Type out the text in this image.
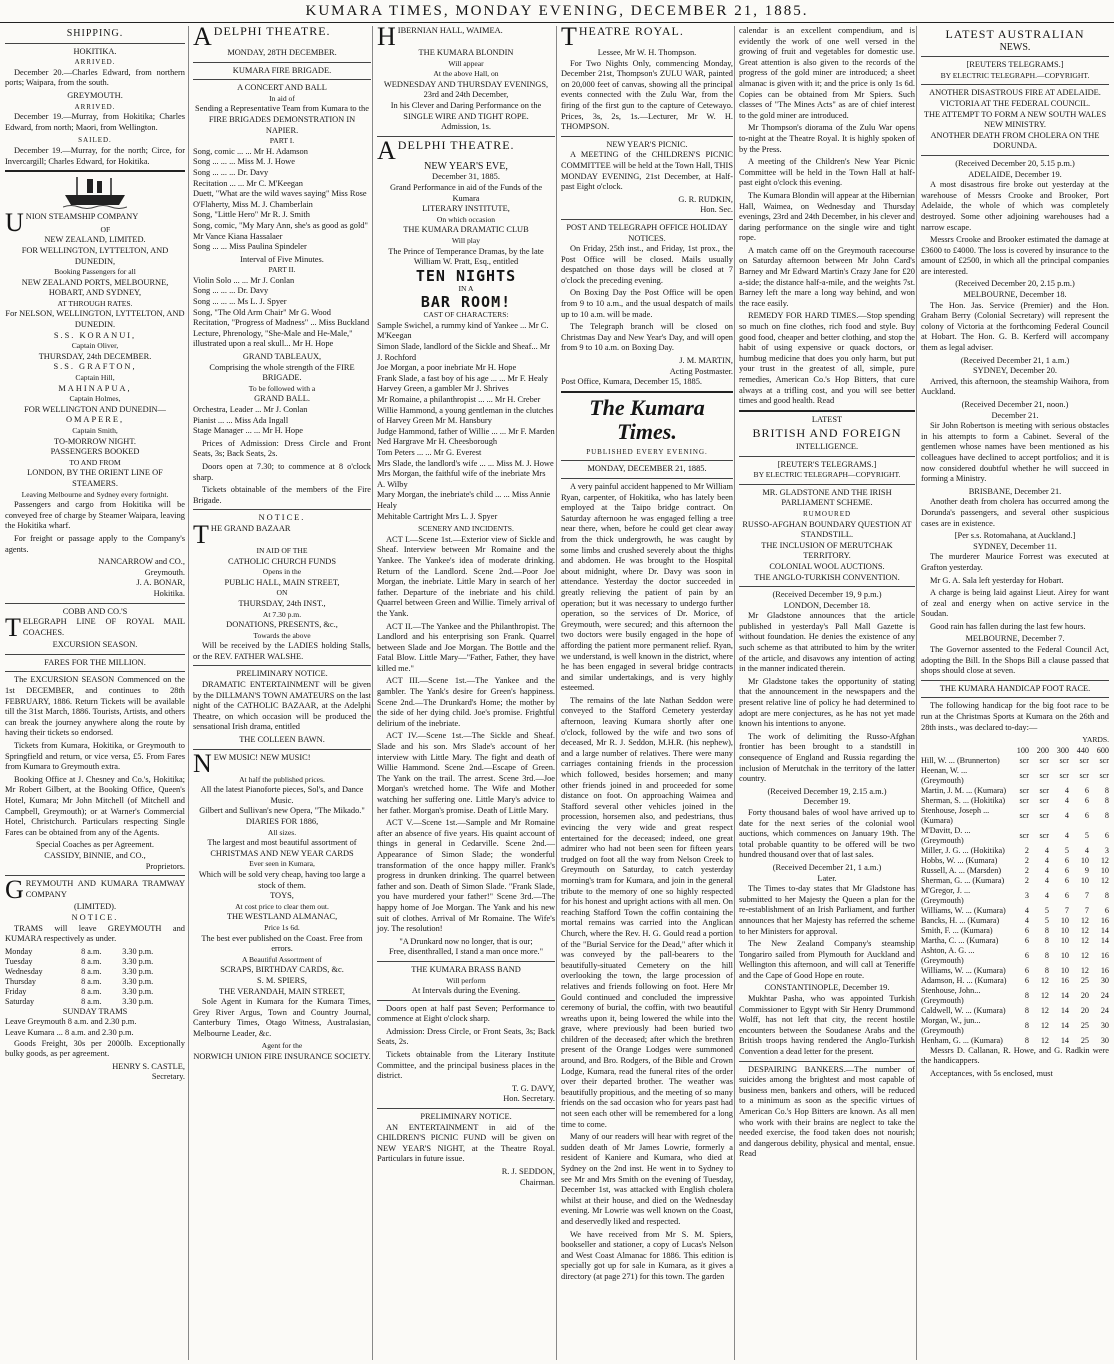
KUMARA TIMES, MONDAY EVENING, DECEMBER 21, 1885.
SHIPPING.
HOKITIKA.
ARRIVED.

December 20.—Charles Edward, from northern ports; Waipara, from the south.

GREYMOUTH.
ARRIVED.

December 19.—Murray, from Hokitika; Charles Edward, from north; Maori, from Wellington.

SAILED.

December 19.—Murray, for the north; Circe, for Invercargill; Charles Edward, for Hokitika.

UNION STEAMSHIP COMPANY

OF
NEW ZEALAND, LIMITED.
FOR WELLINGTON, LYTTELTON, AND DUNEDIN,
Booking Passengers for all
NEW ZEALAND PORTS, MELBOURNE, HOBART, AND SYDNEY,
AT THROUGH RATES.
For NELSON, WELLINGTON, LYTTELTON, AND DUNEDIN.
S.S. KORANUI,
Captain Oliver,
THURSDAY, 24th DECEMBER.
S.S. GRAFTON,
Captain Hill,
MAHINAPUA,
Captain Holmes,
FOR WELLINGTON AND DUNEDIN—
OMAPERE,
Captain Smith,
TO-MORROW NIGHT.
PASSENGERS BOOKED
TO AND FROM
LONDON, BY THE ORIENT LINE OF STEAMERS.
Leaving Melbourne and Sydney every fortnight.

Passengers and cargo from Hokitika will be conveyed free of charge by Steamer Waipara, leaving the Hokitika wharf.

For freight or passage apply to the Company's agents.

NANCARROW and CO.,
Greymouth.
J. A. BONAR,
Hokitika.
COBB AND CO.'S

TELEGRAPH LINE OF ROYAL MAIL COACHES.

EXCURSION SEASON.
FARES FOR THE MILLION.

The EXCURSION SEASON Commenced on the 1st DECEMBER, and continues to 28th FEBRUARY, 1886. Return Tickets will be available till the 31st March, 1886. Tourists, Artists, and others can break the journey anywhere along the route by having their tickets so endorsed.

Tickets from Kumara, Hokitika, or Greymouth to Springfield and return, or vice versa, £5. From Fares from Kumara to Greymouth extra.

Booking Office at J. Chesney and Co.'s, Hokitika; Mr Robert Gilbert, at the Booking Office, Queen's Hotel, Kumara; Mr John Mitchell (of Mitchell and Campbell, Greymouth); or at Warner's Commercial Hotel, Christchurch. Particulars respecting Single Fares can be obtained from any of the Agents.

Special Coaches as per Agreement.
CASSIDY, BINNIE, and CO.,
Proprietors.

GREYMOUTH AND KUMARA TRAMWAY COMPANY

(LIMITED).
NOTICE.

TRAMS will leave GREYMOUTH and KUMARA respectively as under.

Monday	8 a.m.	3.30 p.m.
Tuesday	8 a.m.	3.30 p.m.
Wednesday	8 a.m.	3.30 p.m.
Thursday	8 a.m.	3.30 p.m.
Friday	8 a.m.	3.30 p.m.
Saturday	8 a.m.	3.30 p.m.
SUNDAY TRAMS
Leave Greymouth 8 a.m. and 2.30 p.m.
Leave Kumara ... 8 a.m. and 2.30 p.m.

Goods Freight, 30s per 2000lb. Exceptionally bulky goods, as per agreement.

HENRY S. CASTLE,
Secretary.

ADELPHI THEATRE.

MONDAY, 28TH DECEMBER.
KUMARA FIRE BRIGADE.
A CONCERT AND BALL
In aid of
Sending a Representative Team from Kumara to the
FIRE BRIGADES DEMONSTRATION IN NAPIER.
PART I.

Song, comic ... ... Mr H. Adamson
Song ... ... ... Miss M. J. Howe
Song ... ... ... Dr. Davy
Recitation ... ... Mr C. M'Keegan
Duett, "What are the wild waves saying" Miss Rose O'Flaherty, Miss M. J. Chamberlain
Song, "Little Hero" Mr R. J. Smith
Song, comic, "My Mary Ann, she's as good as gold" Mr Vance Kiana Hassalaer
Song ... ... Miss Paulina Spindeler

Interval of Five Minutes.
PART II.

Violin Solo ... ... Mr J. Conlan
Song ... ... ... Dr. Davy
Song ... ... ... Ms L. J. Spyer
Song, "The Old Arm Chair" Mr G. Wood
Recitation, "Progress of Madness" ... Miss Buckland
Lecture, Phrenology, "She-Male and He-Male," illustrated upon a real skull... Mr H. Hope

GRAND TABLEAUX,
Comprising the whole strength of the FIRE BRIGADE.
To be followed with a
GRAND BALL.

Orchestra, Leader ... Mr J. Conlan
Pianist ... ... Miss Ada Ingall
Stage Manager ... ... Mr H. Hope

Prices of Admission: Dress Circle and Front Seats, 3s; Back Seats, 2s.

Doors open at 7.30; to commence at 8 o'clock sharp.

Tickets obtainable of the members of the Fire Brigade.

NOTICE.

THE GRAND BAZAAR

IN AID OF THE
CATHOLIC CHURCH FUNDS
Opens in the
PUBLIC HALL, MAIN STREET,
ON
THURSDAY, 24th INST.,
At 7.30 p.m.
DONATIONS, PRESENTS, &c.,
Towards the above

Will be received by the LADIES holding Stalls, or the REV. FATHER WALSHE.

PRELIMINARY NOTICE.

DRAMATIC ENTERTAINMENT will be given by the DILLMAN'S TOWN AMATEURS on the last night of the CATHOLIC BAZAAR, at the Adelphi Theatre, on which occasion will be produced the sensational Irish drama, entitled

THE COLLEEN BAWN.

NEW MUSIC! NEW MUSIC!

At half the published prices.
All the latest Pianoforte pieces, Sol's, and Dance Music.
Gilbert and Sullivan's new Opera, "The Mikado."
DIARIES FOR 1886,
All sizes.
The largest and most beautiful assortment of
CHRISTMAS AND NEW YEAR CARDS
Ever seen in Kumara,
Which will be sold very cheap, having too large a stock of them.
TOYS,
At cost price to clear them out.
THE WESTLAND ALMANAC,
Price 1s 6d.
The best ever published on the Coast. Free from errors.
A Beautiful Assortment of
SCRAPS, BIRTHDAY CARDS, &c.
S. M. SPIERS,
THE VERANDAH, MAIN STREET,

Sole Agent in Kumara for the Kumara Times, Grey River Argus, Town and Country Journal, Canterbury Times, Otago Witness, Australasian, Melbourne Leader, &c.

Agent for the
NORWICH UNION FIRE INSURANCE SOCIETY.

HIBERNIAN HALL, WAIMEA.

THE KUMARA BLONDIN
Will appear
At the above Hall, on
WEDNESDAY AND THURSDAY EVENINGS,
23rd and 24th December,
In his Clever and Daring Performance on the
SINGLE WIRE AND TIGHT ROPE.
Admission, 1s.

ADELPHI THEATRE.

NEW YEAR'S EVE,
December 31, 1885.
Grand Performance in aid of the Funds of the Kumara
LITERARY INSTITUTE,
On which occasion
THE KUMARA DRAMATIC CLUB
Will play
The Prince of Temperance Dramas, by the late William W. Pratt, Esq., entitled
TEN NIGHTS
IN A
BAR ROOM!
CAST OF CHARACTERS:

Sample Swichel, a rummy kind of Yankee ... Mr C. M'Keegan
Simon Slade, landlord of the Sickle and Sheaf... Mr J. Rochford
Joe Morgan, a poor inebriate Mr H. Hope
Frank Slade, a fast boy of his age ... ... Mr F. Healy
Harvey Green, a gambler Mr J. Shrives
Mr Romaine, a philanthropist ... ... Mr H. Creber
Willie Hammond, a young gentleman in the clutches of Harvey Green Mr M. Hansbury
Judge Hammond, father of Willie ... ... Mr F. Marden
Ned Hargrave Mr H. Cheesborough
Tom Peters ... ... Mr G. Everest
Mrs Slade, the landlord's wife ... ... Miss M. J. Howe
Mrs Morgan, the faithful wife of the inebriate Mrs A. Wilby
Mary Morgan, the inebriate's child ... ... Miss Annie Healy
Mehitable Cartright Mrs L. J. Spyer

SCENERY AND INCIDENTS.

ACT I.—Scene 1st.—Exterior view of Sickle and Sheaf. Interview between Mr Romaine and the Yankee. The Yankee's idea of moderate drinking. Return of the Landlord. Scene 2nd.—Poor Joe Morgan, the inebriate. Little Mary in search of her father. Departure of the inebriate and his child. Quarrel between Green and Willie. Timely arrival of the Yank.

ACT II.—The Yankee and the Philanthropist. The Landlord and his enterprising son Frank. Quarrel between Slade and Joe Morgan. The Bottle and the Fatal Blow. Little Mary—"Father, Father, they have killed me."

ACT III.—Scene 1st.—The Yankee and the gambler. The Yank's desire for Green's happiness. Scene 2nd.—The Drunkard's Home; the mother by the side of her dying child. Joe's promise. Frightful delirium of the inebriate.

ACT IV.—Scene 1st.—The Sickle and Sheaf. Slade and his son. Mrs Slade's account of her interview with Little Mary. The fight and death of Willie Hammond. Scene 2nd.—Escape of Green. The Yank on the trail. The arrest. Scene 3rd.—Joe Morgan's wretched home. The Wife and Mother watching her suffering one. Little Mary's advice to her father. Morgan's promise. Death of Little Mary.

ACT V.—Scene 1st.—Sample and Mr Romaine after an absence of five years. His quaint account of things in general in Cedarville. Scene 2nd.—Appearance of Simon Slade; the wonderful transformation of the once happy miller. Frank's progress in drunken drinking. The quarrel between father and son. Death of Simon Slade. "Frank Slade, you have murdered your father!" Scene 3rd.—The happy home of Joe Morgan. The Yank and his new suit of clothes. Arrival of Mr Romaine. The Wife's joy. The resolution!

"A Drunkard now no longer, that is our;
Free, disenthralled, I stand a man once more."
THE KUMARA BRASS BAND
Will perform
At Intervals during the Evening.

Doors open at half past Seven; Performance to commence at Eight o'clock sharp.

Admission: Dress Circle, or Front Seats, 3s; Back Seats, 2s.

Tickets obtainable from the Literary Institute Committee, and the principal business places in the district.

T. G. DAVY,
Hon. Secretary.
PRELIMINARY NOTICE.

AN ENTERTAINMENT in aid of the CHILDREN'S PICNIC FUND will be given on NEW YEAR'S NIGHT, at the Theatre Royal. Particulars in future issue.

R. J. SEDDON,
Chairman.

THEATRE ROYAL.

Lessee, Mr W. H. Thompson.

For Two Nights Only, commencing Monday, December 21st, Thompson's ZULU WAR, painted on 20,000 feet of canvas, showing all the principal events connected with the Zulu War, from the firing of the first gun to the capture of Cetewayo. Prices, 3s, 2s, 1s.—Lecturer, Mr W. H. THOMPSON.

NEW YEAR'S PICNIC.

A MEETING of the CHILDREN'S PICNIC COMMITTEE will be held at the Town Hall, THIS MONDAY EVENING, 21st December, at Half-past Eight o'clock.

G. R. RUDKIN,
Hon. Sec.
POST AND TELEGRAPH OFFICE HOLIDAY NOTICES.

On Friday, 25th inst., and Friday, 1st prox., the Post Office will be closed. Mails usually despatched on those days will be closed at 7 o'clock the preceding evening.

On Boxing Day the Post Office will be open from 9 to 10 a.m., and the usual despatch of mails up to 10 a.m. will be made.

The Telegraph branch will be closed on Christmas Day and New Year's Day, and will open from 9 to 10 a.m. on Boxing Day.

J. M. MARTIN,
Acting Postmaster.
Post Office, Kumara, December 15, 1885.
The Kumara Times.
PUBLISHED EVERY EVENING.
MONDAY, DECEMBER 21, 1885.

A very painful accident happened to Mr William Ryan, carpenter, of Hokitika, who has lately been employed at the Taipo bridge contract. On Saturday afternoon he was engaged felling a tree near there, when, before he could get clear away from the thick undergrowth, he was caught by some limbs and crushed severely about the thighs and abdomen. He was brought to the Hospital about midnight, where Dr. Davy was soon in attendance. Yesterday the doctor succeeded in greatly relieving the patient of pain by an operation; but it was necessary to undergo further operation, so the services of Dr. Morice, of Greymouth, were secured; and this afternoon the two doctors were busily engaged in the hope of affording the patient more permanent relief. Ryan, we understand, is well known in the district, where he has been engaged in several bridge contracts and similar undertakings, and is very highly esteemed.

The remains of the late Nathan Seddon were conveyed to the Stafford Cemetery yesterday afternoon, leaving Kumara shortly after one o'clock, followed by the wife and two sons of deceased, Mr R. J. Seddon, M.H.R. (his nephew), and a large number of relatives. There were many carriages containing friends in the procession which followed, besides horsemen; and many other friends joined in and proceeded for some distance on foot. On approaching Waimea and Stafford several other vehicles joined in the procession, horsemen also, and pedestrians, thus evincing the very wide and great respect entertained for the deceased; indeed, one great admirer who had not been seen for fifteen years trudged on foot all the way from Nelson Creek to Greymouth on Saturday, to catch yesterday morning's tram for Kumara, and join in the general tribute to the memory of one so highly respected for his honest and upright actions with all men. On reaching Stafford Town the coffin containing the mortal remains was carried into the Anglican Church, where the Rev. H. G. Gould read a portion of the "Burial Service for the Dead," after which it was conveyed by the pall-bearers to the beautifully-situated Cemetery on the hill overlooking the town, the large procession of relatives and friends following on foot. Here Mr Gould continued and concluded the impressive ceremony of burial, the coffin, with two beautiful wreaths upon it, being lowered the while into the grave, where previously had been buried two children of the deceased; after which the brethren present of the Orange Lodges were summoned around, and Bro. Rodgers, of the Bible and Crown Lodge, Kumara, read the funeral rites of the order over their departed brother. The weather was beautifully propitious, and the meeting of so many friends on the sad occasion who for years past had not seen each other will be remembered for a long time to come.

Many of our readers will hear with regret of the sudden death of Mr James Lowrie, formerly a resident of Kaniere and Kumara, who died at Sydney on the 2nd inst. He went in to Sydney to see Mr and Mrs Smith on the evening of Tuesday, December 1st, was attacked with English cholera whilst at their house, and died on the Wednesday evening. Mr Lowrie was well known on the Coast, and deservedly liked and respected.

We have received from Mr S. M. Spiers, bookseller and stationer, a copy of Lucas's Nelson and West Coast Almanac for 1886. This edition is specially got up for sale in Kumara, as it gives a directory (at page 271) for this town. The garden

calendar is an excellent compendium, and is evidently the work of one well versed in the growing of fruit and vegetables for domestic use. Great attention is also given to the records of the progress of the gold miner are introduced; a sheet almanac is given with it; and the price is only 1s 6d. Copies can be obtained from Mr Spiers. Such classes of "The Mines Acts" as are of chief interest to the gold miner are introduced.

Mr Thompson's diorama of the Zulu War opens to-night at the Theatre Royal. It is highly spoken of by the Press.

A meeting of the Children's New Year Picnic Committee will be held in the Town Hall at half-past eight o'clock this evening.

The Kumara Blondin will appear at the Hibernian Hall, Waimea, on Wednesday and Thursday evenings, 23rd and 24th December, in his clever and daring performance on the single wire and tight rope.

A match came off on the Greymouth racecourse on Saturday afternoon between Mr John Card's Barney and Mr Edward Martin's Crazy Jane for £20 a-side; the distance half-a-mile, and the weights 7st. Barney left the mare a long way behind, and won the race easily.

REMEDY FOR HARD TIMES.—Stop spending so much on fine clothes, rich food and style. Buy good food, cheaper and better clothing, and stop the habit of using expensive or quack doctors, or humbug medicine that does you only harm, but put your trust in the greatest of all, simple, pure remedies, American Co.'s Hop Bitters, that cure always at a trifling cost, and you will see better times and good health. Read

LATEST
BRITISH AND FOREIGN
INTELLIGENCE.
[REUTER'S TELEGRAMS.]
BY ELECTRIC TELEGRAPH—COPYRIGHT.
MR. GLADSTONE AND THE IRISH PARLIAMENT SCHEME.
RUMOURED
RUSSO-AFGHAN BOUNDARY QUESTION AT STANDSTILL.
THE INCLUSION OF MERUTCHAK TERRITORY.
COLONIAL WOOL AUCTIONS.
THE ANGLO-TURKISH CONVENTION.
(Received December 19, 9 p.m.)
LONDON, December 18.

Mr Gladstone announces that the article published in yesterday's Pall Mall Gazette is without foundation. He denies the existence of any such scheme as that attributed to him by the writer of the article, and disavows any intention of acting in the manner indicated therein.

Mr Gladstone takes the opportunity of stating that the announcement in the newspapers and the present relative line of policy he had determined to adopt are mere conjectures, as he has not yet made known his intentions to anyone.

The work of delimiting the Russo-Afghan frontier has been brought to a standstill in consequence of England and Russia regarding the inclusion of Merutchak in the territory of the latter country.

(Received December 19, 2.15 a.m.)
December 19.

Forty thousand bales of wool have arrived up to date for the next series of the colonial wool auctions, which commences on January 19th. The total probable quantity to be offered will be two hundred thousand over that of last sales.

(Received December 21, 1 a.m.)
Later.

The Times to-day states that Mr Gladstone has submitted to her Majesty the Queen a plan for the re-establishment of an Irish Parliament, and further announces that her Majesty has referred the scheme to her Ministers for approval.

The New Zealand Company's steamship Tongariro sailed from Plymouth for Auckland and Wellington this afternoon, and will call at Teneriffe and the Cape of Good Hope en route.

CONSTANTINOPLE, December 19.

Mukhtar Pasha, who was appointed Turkish Commissioner to Egypt with Sir Henry Drummond Wolff, has not left that city, the recent hostile encounters between the Soudanese Arabs and the British troops having rendered the Anglo-Turkish Convention a dead letter for the present.

DESPAIRING BANKERS.—The number of suicides among the brightest and most capable of business men, bankers and others, will be reduced to a minimum as soon as the specific virtues of American Co.'s Hop Bitters are known. As all men who work with their brains are neglect to take the needed exercise, the food taken does not nourish; and dangerous debility, physical and mental, ensue. Read

LATEST AUSTRALIAN
NEWS.
[REUTERS TELEGRAMS.]
BY ELECTRIC TELEGRAPH.—COPYRIGHT.
ANOTHER DISASTROUS FIRE AT ADELAIDE.
VICTORIA AT THE FEDERAL COUNCIL.
THE ATTEMPT TO FORM A NEW SOUTH WALES NEW MINISTRY.
ANOTHER DEATH FROM CHOLERA ON THE DORUNDA.
(Received December 20, 5.15 p.m.)
ADELAIDE, December 19.

A most disastrous fire broke out yesterday at the warehouse of Messrs Crooke and Brooker, Port Adelaide, the whole of which was completely destroyed. Some other adjoining warehouses had a narrow escape.

Messrs Crooke and Brooker estimated the damage at £3600 to £4000. The loss is covered by insurance to the amount of £2500, in which all the principal companies are interested.

(Received December 20, 2.15 p.m.)
MELBOURNE, December 18.

The Hon. Jas. Service (Premier) and the Hon. Graham Berry (Colonial Secretary) will represent the colony of Victoria at the forthcoming Federal Council at Hobart. The Hon. G. B. Kerferd will accompany them as legal adviser.

(Received December 21, 1 a.m.)
SYDNEY, December 20.

Arrived, this afternoon, the steamship Waihora, from Auckland.

(Received December 21, noon.)
December 21.

Sir John Robertson is meeting with serious obstacles in his attempts to form a Cabinet. Several of the gentlemen whose names have been mentioned as his colleagues have declined to accept portfolios; and it is now considered doubtful whether he will succeed in forming a Ministry.

BRISBANE, December 21.

Another death from cholera has occurred among the Dorunda's passengers, and several other suspicious cases are in existence.

[Per s.s. Rotomahana, at Auckland.]
SYDNEY, December 11.

The murderer Maurice Forrest was executed at Grafton yesterday.

Mr G. A. Sala left yesterday for Hobart.

A charge is being laid against Lieut. Airey for want of zeal and energy when on active service in the Soudan.

Good rain has fallen during the last few hours.

MELBOURNE, December 7.

The Governor assented to the Federal Council Act, adopting the Bill. In the Shops Bill a clause passed that shops should close at seven.

THE KUMARA HANDICAP FOOT RACE.

The following handicap for the big foot race to be run at the Christmas Sports at Kumara on the 26th and 28th insts., was declared to-day:—

YARDS.
	100	200	300	440	600
Hill, W. ... (Brunnerton)	scr	scr	scr	scr	scr
Heenan, W. ... (Greymouth)	scr	scr	scr	scr	scr
Martin, J. M. ... (Kumara)	scr	scr	4	6	8
Sherman, S. ... (Hokitika)	scr	scr	4	6	8
Stenhouse, Joseph ... (Kumara)	scr	scr	4	6	8
M'Davitt, D. ... (Greymouth)	scr	scr	4	5	6
Miller, J. G. ... (Hokitika)	2	4	5	4	3
Hobbs, W. ... (Kumara)	2	4	6	10	12
Russell, A. ... (Marsden)	2	4	6	9	10
Sherman, G. ... (Kumara)	2	4	6	10	12
M'Gregor, J. ... (Greymouth)	3	4	6	7	8
Williams, W. ... (Kumara)	4	5	7	7	6
Bancks, H. ... (Kumara)	4	5	10	12	16
Smith, F. ... (Kumara)	6	8	10	12	14
Martha, C. ... (Kumara)	6	8	10	12	14
Ashton, A. G. ... (Greymouth)	6	8	10	12	16
Williams, W. ... (Kumara)	6	8	10	12	16
Adamson, H. ... (Kumara)	6	12	16	25	30
Stenhouse, John... (Greymouth)	8	12	14	20	24
Caldwell, W. ... (Kumara)	8	12	14	20	24
Morgan, W., jun... (Greymouth)	8	12	14	25	30
Henham, G. ... (Kumara)	8	12	14	25	30

Messrs D. Callanan, R. Howe, and G. Radkin were the handicappers.

Acceptances, with 5s enclosed, must
